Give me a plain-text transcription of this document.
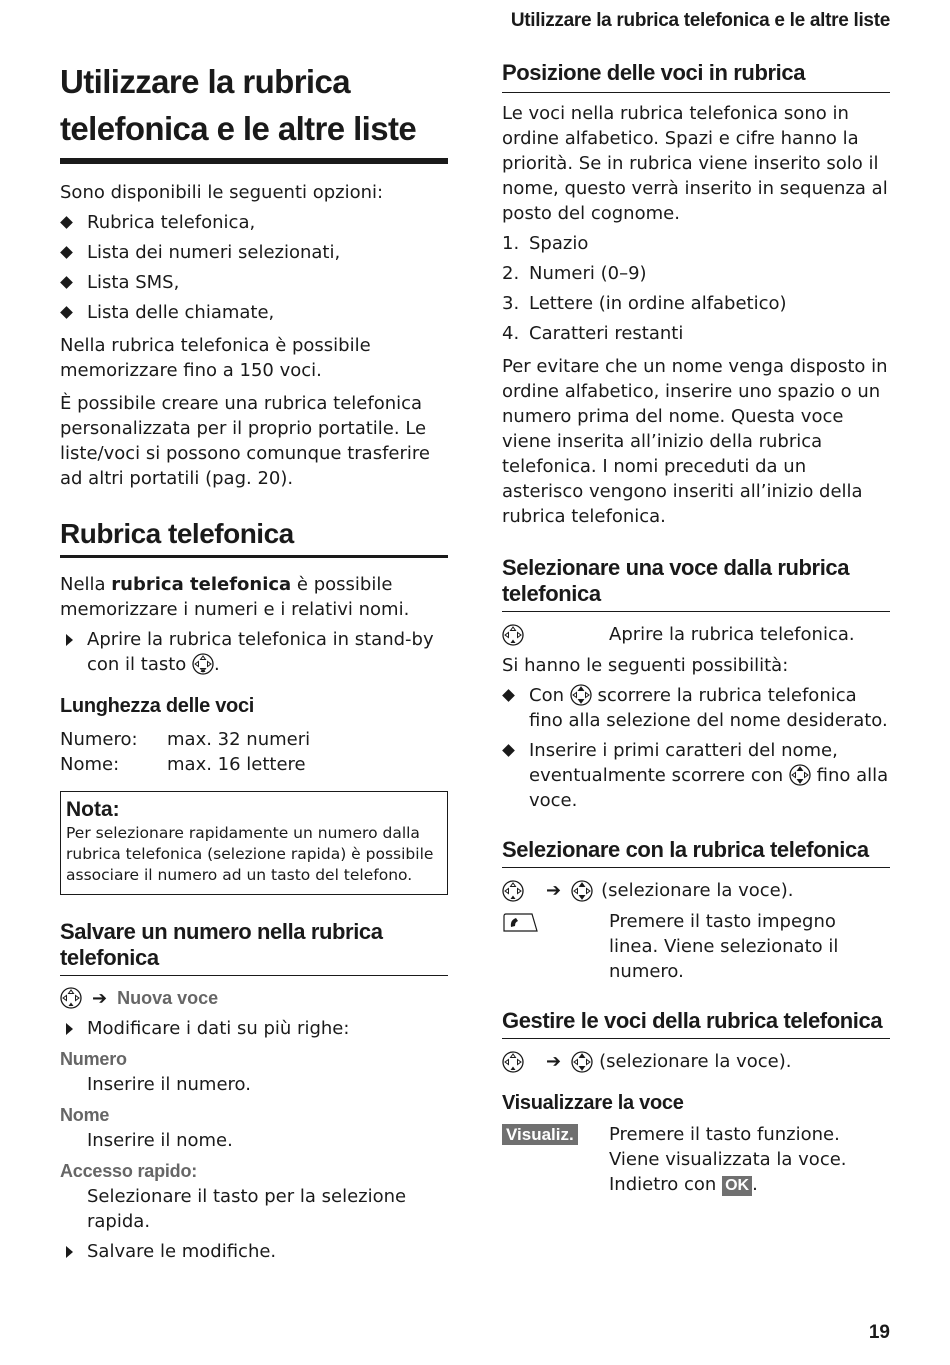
Utilizzare la rubrica telefonica e le altre liste
Utilizzare la rubrica telefonica e le altre liste

Sono disponibili le seguenti opzioni:

Rubrica telefonica,
Lista dei numeri selezionati,
Lista SMS,
Lista delle chiamate,

Nella rubrica telefonica è possibile memorizzare fino a 150 voci.

È possibile creare una rubrica telefonica personalizzata per il proprio portatile. Le liste/voci si possono comunque trasferire ad altri portatili (pag. 20).

Rubrica telefonica

Nella rubrica telefonica è possibile memorizzare i numeri e i relativi nomi.

Aprire la rubrica telefonica in stand-by con il tasto .
Lunghezza delle voci
Numero:	max. 32 numeri
Nome:	max. 16 lettere
Nota:
Per selezionare rapidamente un numero dalla rubrica telefonica (selezione rapida) è possibile associare il numero ad un tasto del telefono.
Salvare un numero nella rubrica telefonica
➔ Nuova voce
Modificare i dati su più righe:
Numero
Inserire il numero.
Nome
Inserire il nome.
Accesso rapido:
Selezionare il tasto per la selezione rapida.
Salvare le modifiche.
Posizione delle voci in rubrica

Le voci nella rubrica telefonica sono in ordine alfabetico. Spazi e cifre hanno la priorità. Se in rubrica viene inserito solo il nome, questo verrà inserito in sequenza al posto del cognome.

1. Spazio
2. Numeri (0–9)
3. Lettere (in ordine alfabetico)
4. Caratteri restanti

Per evitare che un nome venga disposto in ordine alfabetico, inserire uno spazio o un numero prima del nome. Questa voce viene inserita all’inizio della rubrica telefonica. I nomi preceduti da un asterisco vengono inseriti all’inizio della rubrica telefonica.

Selezionare una voce dalla rubrica telefonica
Aprire la rubrica telefonica.

Si hanno le seguenti possibilità:

Con scorrere la rubrica telefonica fino alla selezione del nome desiderato.
Inserire i primi caratteri del nome, eventualmente scorrere con fino alla voce.
Selezionare con la rubrica telefonica
➔ (selezionare la voce).
Premere il tasto impegno linea. Viene selezionato il numero.
Gestire le voci della rubrica telefonica
➔ (selezionare la voce).
Visualizzare la voce
Visualiz. Premere il tasto funzione. Viene visualizzata la voce. Indietro con OK .
19
